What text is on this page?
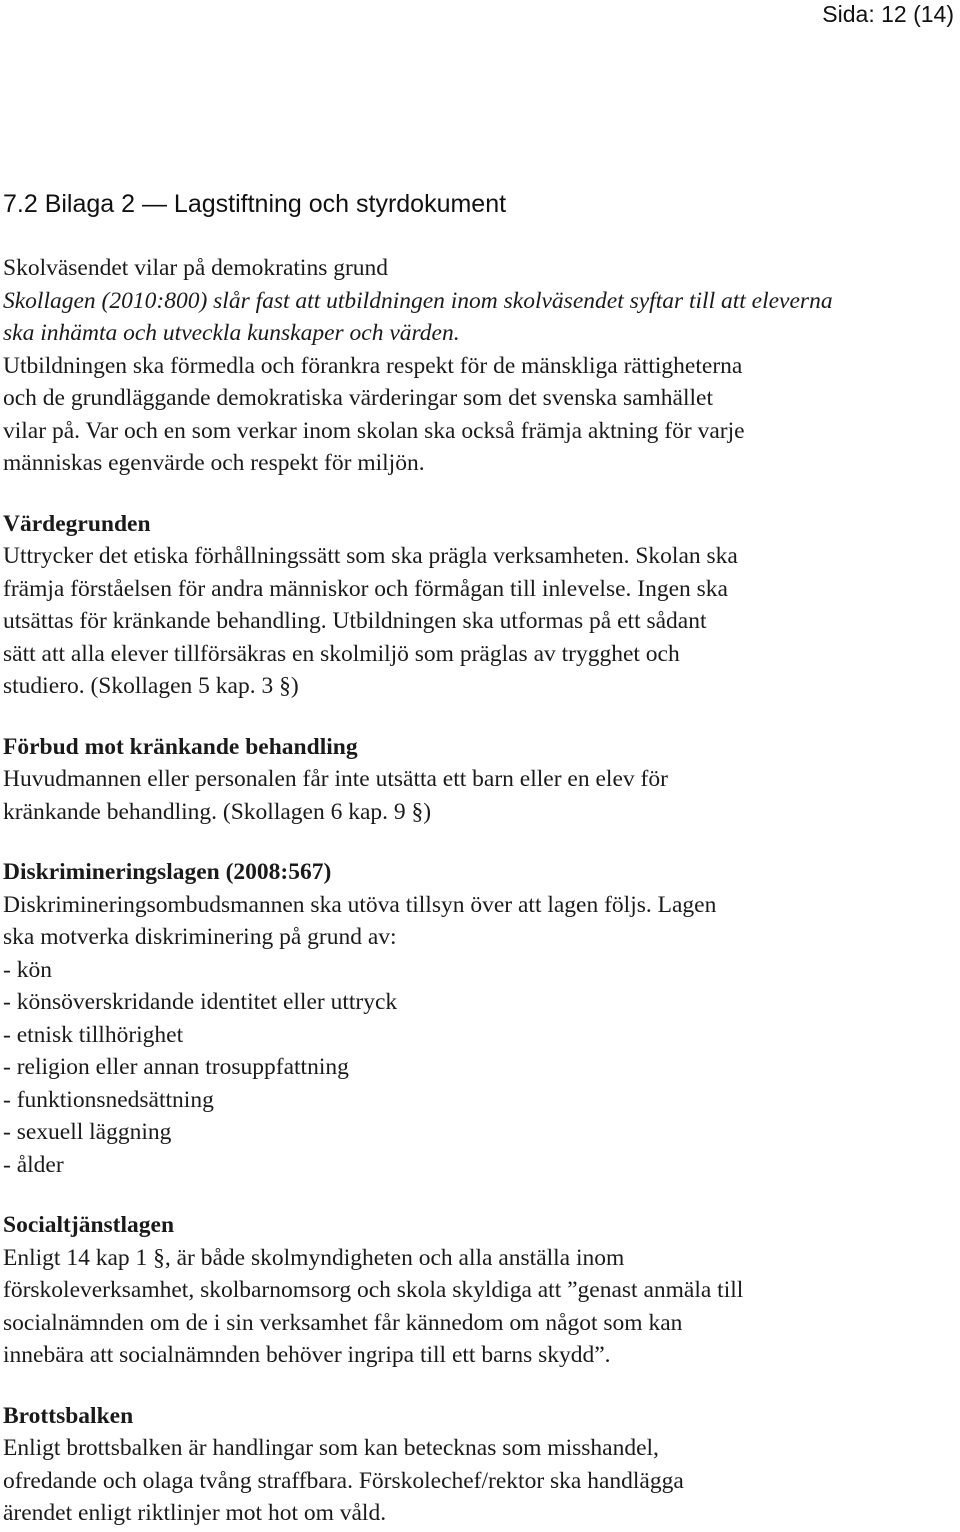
Sida: 12 (14)
7.2 Bilaga 2 — Lagstiftning och styrdokument

Skolväsendet vilar på demokratins grund

Skollagen (2010:800) slår fast att utbildningen inom skolväsendet syftar till att eleverna

ska inhämta och utveckla kunskaper och värden.

Utbildningen ska förmedla och förankra respekt för de mänskliga rättigheterna

och de grundläggande demokratiska värderingar som det svenska samhället

vilar på. Var och en som verkar inom skolan ska också främja aktning för varje

människas egenvärde och respekt för miljön.

Värdegrunden

Uttrycker det etiska förhållningssätt som ska prägla verksamheten. Skolan ska

främja förståelsen för andra människor och förmågan till inlevelse. Ingen ska

utsättas för kränkande behandling. Utbildningen ska utformas på ett sådant

sätt att alla elever tillförsäkras en skolmiljö som präglas av trygghet och

studiero. (Skollagen 5 kap. 3 §)

Förbud mot kränkande behandling

Huvudmannen eller personalen får inte utsätta ett barn eller en elev för

kränkande behandling. (Skollagen 6 kap. 9 §)

Diskrimineringslagen (2008:567)

Diskrimineringsombudsmannen ska utöva tillsyn över att lagen följs. Lagen

ska motverka diskriminering på grund av:

- kön

- könsöverskridande identitet eller uttryck

- etnisk tillhörighet

- religion eller annan trosuppfattning

- funktionsnedsättning

- sexuell läggning

- ålder

Socialtjänstlagen

Enligt 14 kap 1 §, är både skolmyndigheten och alla anställa inom

förskoleverksamhet, skolbarnomsorg och skola skyldiga att ”genast anmäla till

socialnämnden om de i sin verksamhet får kännedom om något som kan

innebära att socialnämnden behöver ingripa till ett barns skydd”.

Brottsbalken

Enligt brottsbalken är handlingar som kan betecknas som misshandel,

ofredande och olaga tvång straffbara. Förskolechef/rektor ska handlägga

ärendet enligt riktlinjer mot hot om våld.
